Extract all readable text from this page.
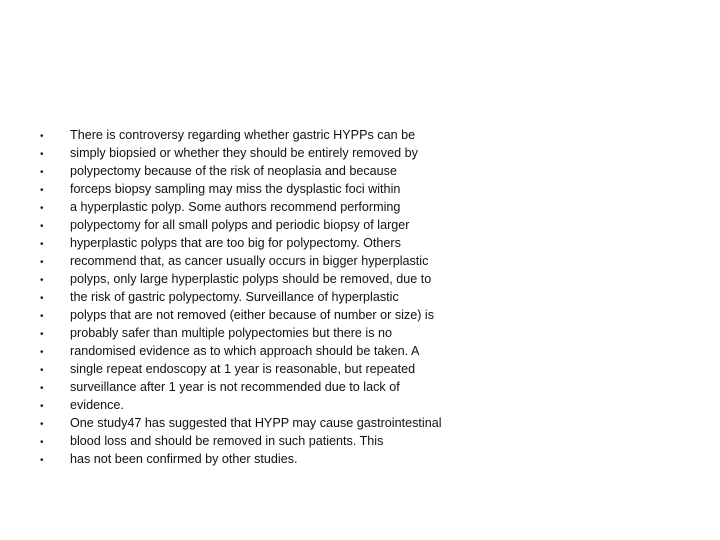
•	There is controversy regarding whether gastric HYPPs can be
•	simply biopsied or whether they should be entirely removed by
•	polypectomy because of the risk of neoplasia and because
•	forceps biopsy sampling may miss the dysplastic foci within
•	a hyperplastic polyp. Some authors recommend performing
•	polypectomy for all small polyps and periodic biopsy of larger
•	hyperplastic polyps that are too big for polypectomy. Others
•	recommend that, as cancer usually occurs in bigger hyperplastic
•	polyps, only large hyperplastic polyps should be removed, due to
•	the risk of gastric polypectomy. Surveillance of hyperplastic
•	polyps that are not removed (either because of number or size) is
•	probably safer than multiple polypectomies but there is no
•	randomised evidence as to which approach should be taken. A
•	single repeat endoscopy at 1 year is reasonable, but repeated
•	surveillance after 1 year is not recommended due to lack of
•	evidence.
•	One study47 has suggested that HYPP may cause gastrointestinal
•	blood loss and should be removed in such patients. This
•	has not been confirmed by other studies.
